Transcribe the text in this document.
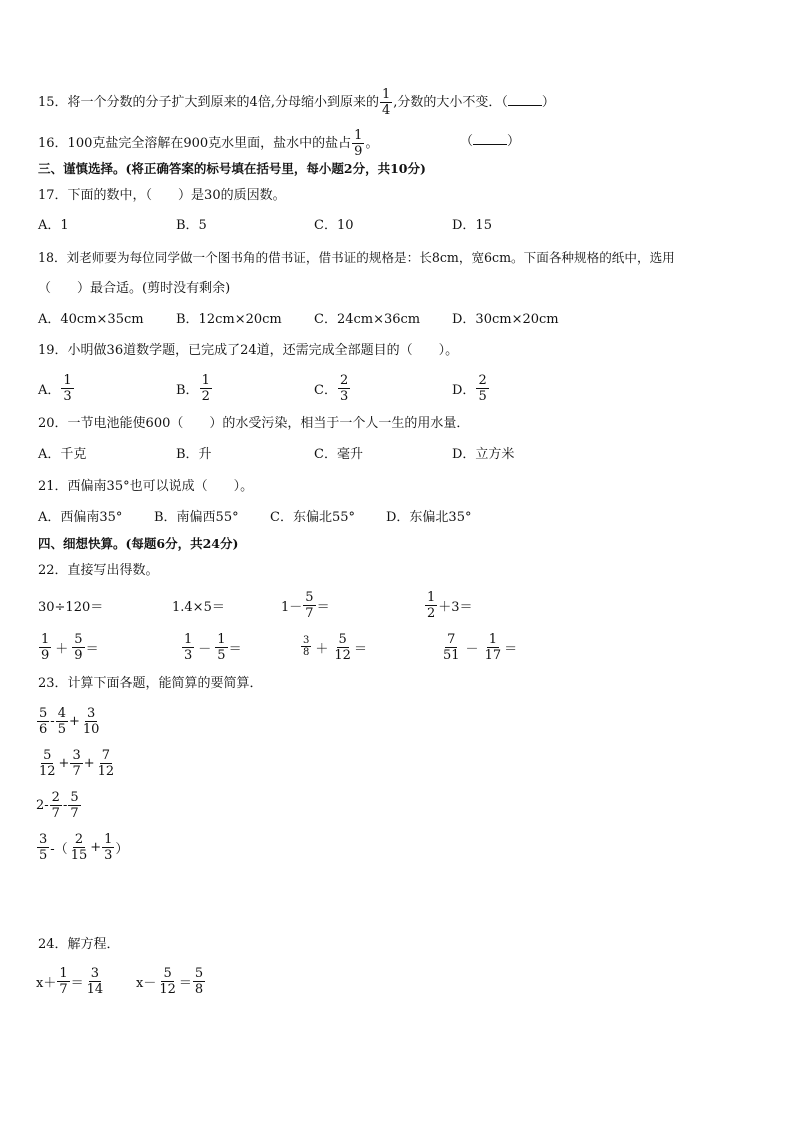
15．将一个分数的分子扩大到原来的4倍,分母缩小到原来的 $\frac{1}{4}$ ,分数的大小不变．（	）
16．100克盐完全溶解在900克水里面，盐水中的盐占 $\frac{1}{9}$ 。	（	）
三、谨慎选择。(将正确答案的标号填在括号里，每小题2分，共10分)
17．下面的数中，（　　）是30的质因数。
A．1	B．5	C．10	D．15
18．刘老师要为每位同学做一个图书角的借书证，借书证的规格是：长8cm，宽6cm。下面各种规格的纸中，选用
（　　）最合适。(剪时没有剩余)
A．40cm×35cm B．12cm×20cm C．24cm×36cm D．30cm×20cm
19．小明做36道数学题，已完成了24道，还需完成全部题目的（　　）。
A． $\frac{1}{3}$	B． $\frac{1}{2}$	C． $\frac{2}{3}$	D． $\frac{2}{5}$
20．一节电池能使600（　　）的水受污染，相当于一个人一生的用水量．
A．千克	B．升	C．毫升	D．立方米
21．西偏南35°也可以说成（　　）。
A．西偏南35° B．南偏西55° C．东偏北55° D．东偏北35°
四、细想快算。(每题6分，共24分)
22．直接写出得数。
30÷120＝	1.4×5＝	$1- \frac{5}{7}$ ＝	$\frac{1}{2} +3=$
$\frac{1}{9} + \frac{5}{9}$ ＝	$\frac{1}{3} - \frac{1}{5}$ ＝	$\frac{3}{8} + \frac{5}{12}$ ＝	$\frac{7}{51} - \frac{1}{17}$ ＝
23．计算下面各题，能简算的要简算．
$\frac{5}{6} - \frac{4}{5} + \frac{3}{10}$
$\frac{5}{12} + \frac{3}{7} + \frac{7}{12}$
$2- \frac{2}{7} - \frac{5}{7}$
$\frac{3}{5}$ -（ $\frac{2}{15} + \frac{1}{3}$ ）
24．解方程．
$x+ \frac{1}{7} = \frac{3}{14} x- \frac{5}{12} = \frac{5}{8}$
